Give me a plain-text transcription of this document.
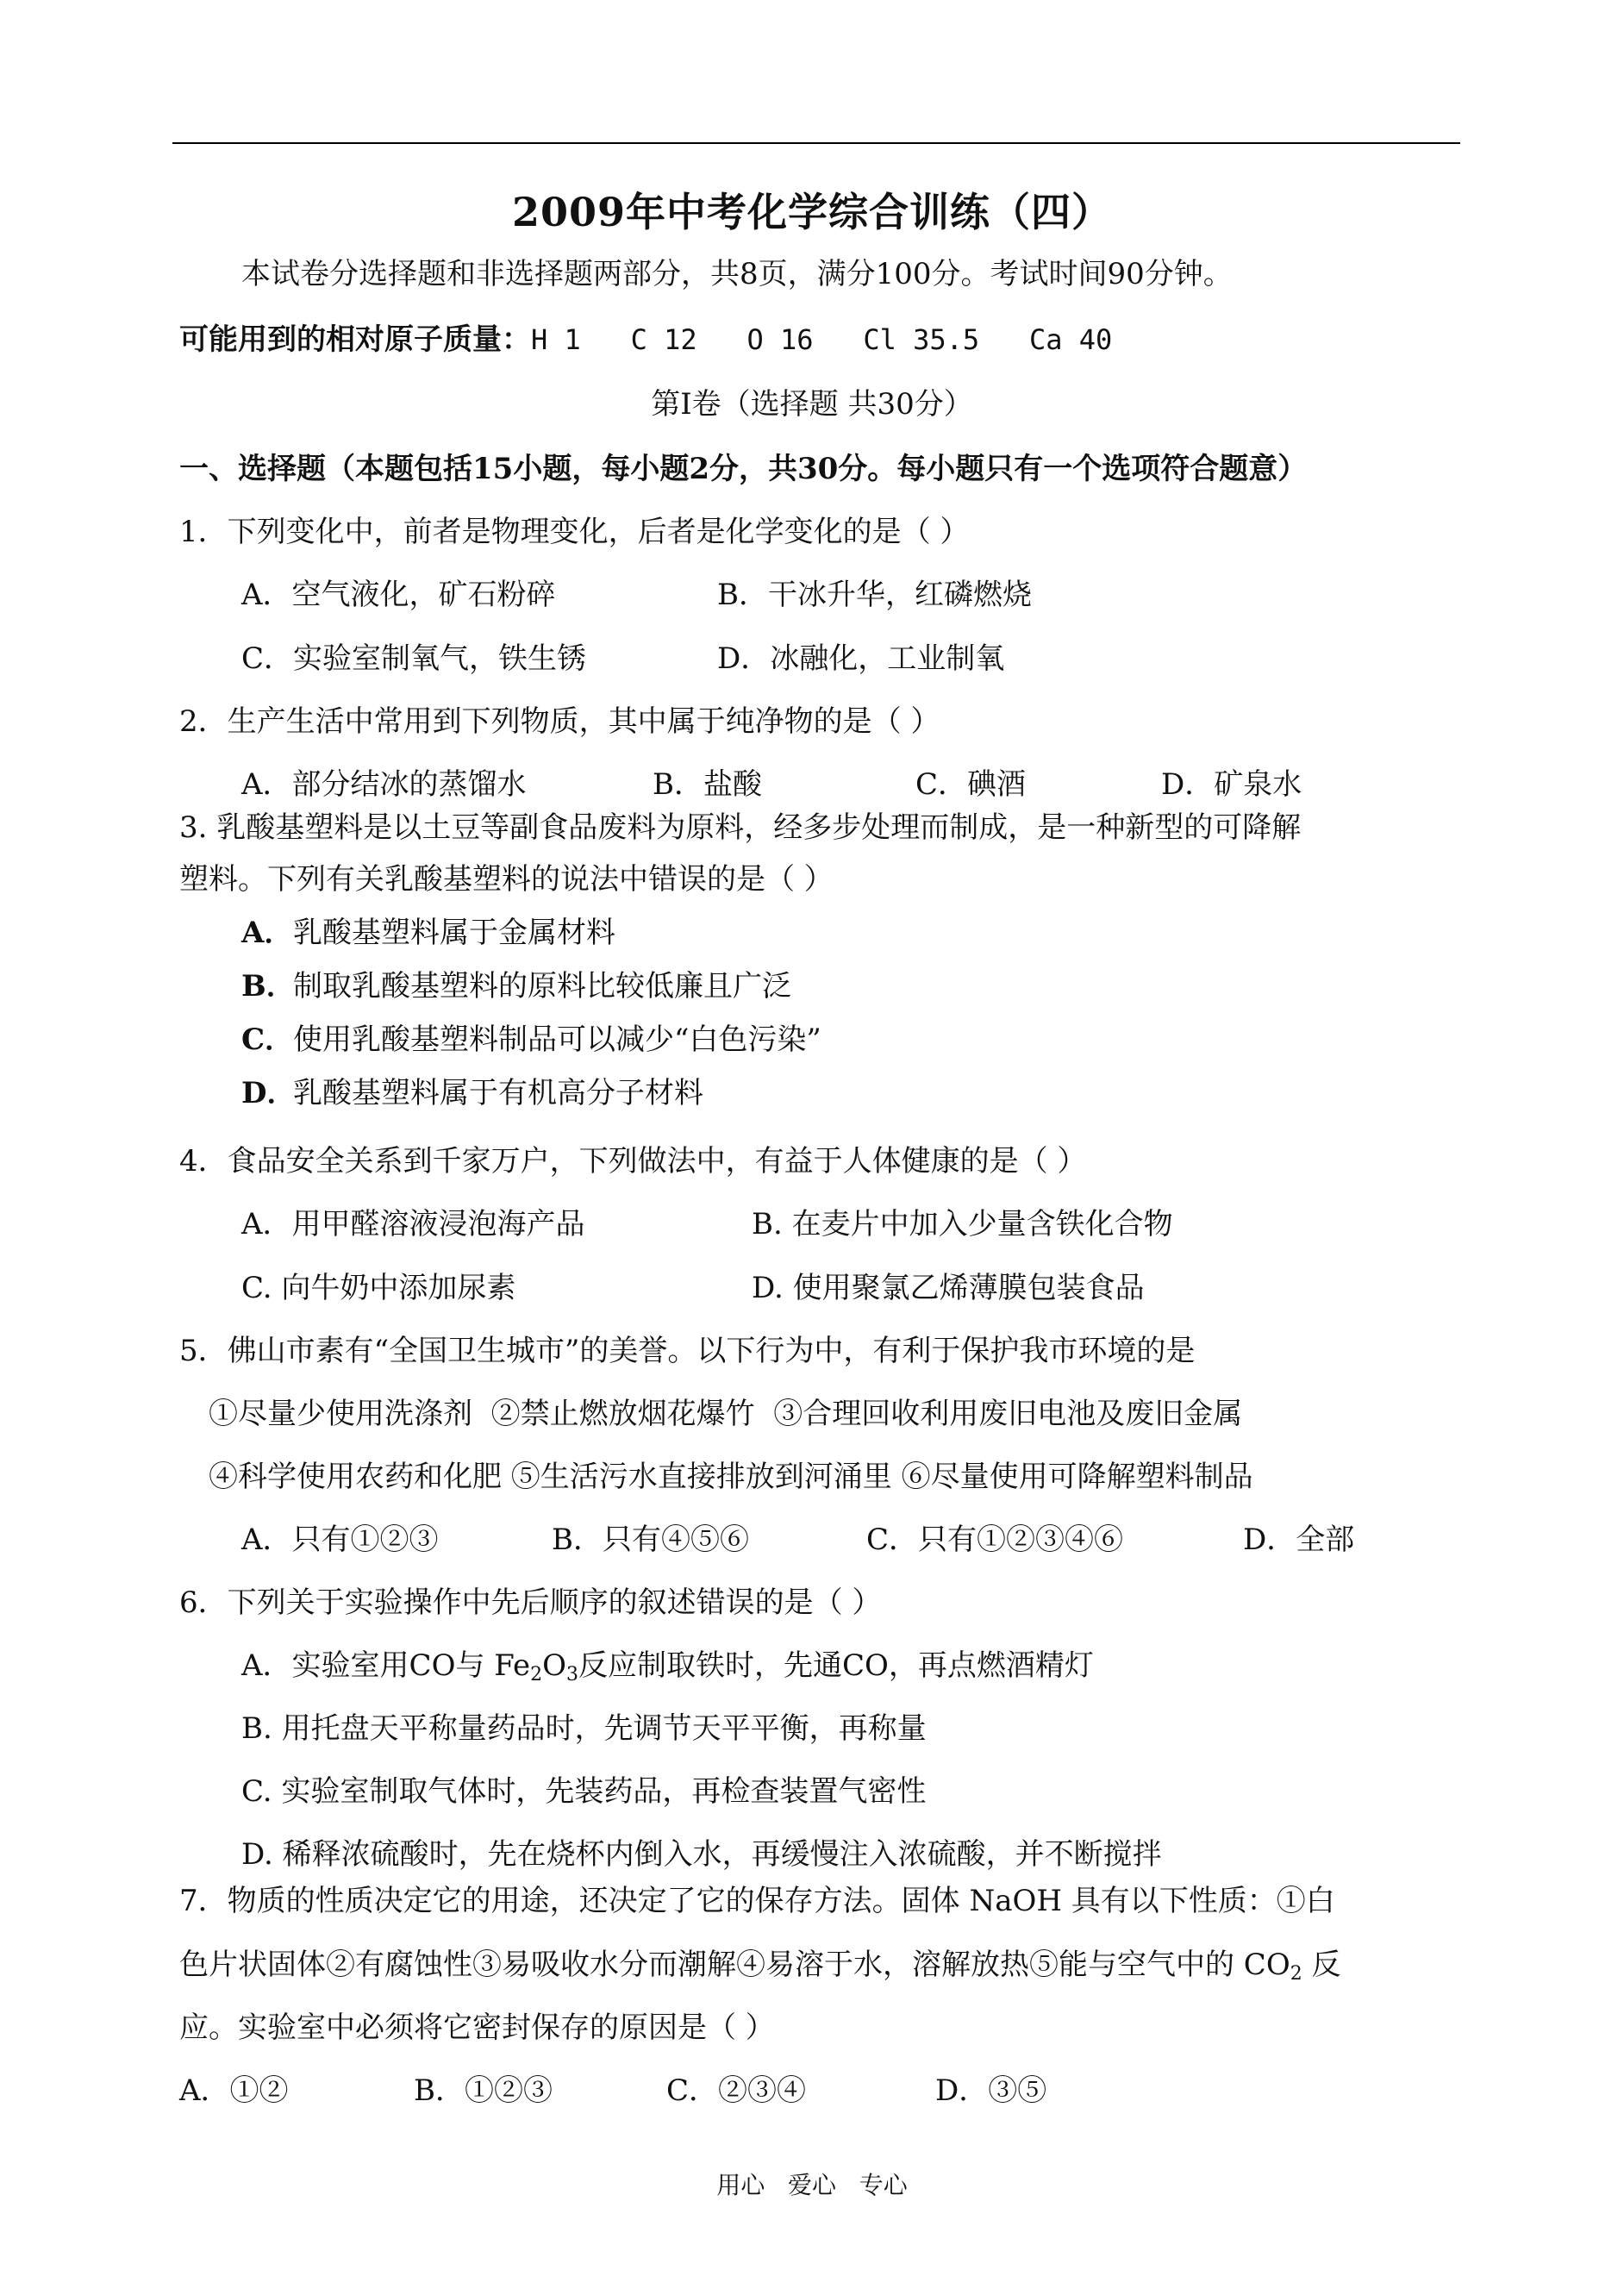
2009年中考化学综合训练（四）
本试卷分选择题和非选择题两部分，共8页，满分100分。考试时间90分钟。
可能用到的相对原子质量：H 1   C 12   O 16   Cl 35.5   Ca 40
第Ⅰ卷（选择题 共30分）
一、选择题（本题包括15小题，每小题2分，共30分。每小题只有一个选项符合题意）
1．下列变化中，前者是物理变化，后者是化学变化的是（ ）
A．空气液化，矿石粉碎	B．干冰升华，红磷燃烧
C．实验室制氧气，铁生锈	D．冰融化，工业制氧
2．生产生活中常用到下列物质，其中属于纯净物的是（ ）
A．部分结冰的蒸馏水	B．盐酸	C．碘酒	D．矿泉水
3. 乳酸基塑料是以土豆等副食品废料为原料，经多步处理而制成，是一种新型的可降解
塑料。下列有关乳酸基塑料的说法中错误的是（ ）
A．乳酸基塑料属于金属材料
B．制取乳酸基塑料的原料比较低廉且广泛
C．使用乳酸基塑料制品可以减少“白色污染”
D．乳酸基塑料属于有机高分子材料
4．食品安全关系到千家万户，下列做法中，有益于人体健康的是（ ）
A．用甲醛溶液浸泡海产品	B. 在麦片中加入少量含铁化合物
C. 向牛奶中添加尿素	D. 使用聚氯乙烯薄膜包装食品
5．佛山市素有“全国卫生城市”的美誉。以下行为中，有利于保护我市环境的是
①尽量少使用洗涤剂  ②禁止燃放烟花爆竹  ③合理回收利用废旧电池及废旧金属
④科学使用农药和化肥 ⑤生活污水直接排放到河涌里 ⑥尽量使用可降解塑料制品
A．只有①②③	B．只有④⑤⑥	C．只有①②③④⑥	D．全部
6．下列关于实验操作中先后顺序的叙述错误的是（ ）
A．实验室用CO与 $Fe_2O_3$反应制取铁时，先通CO，再点燃酒精灯
B. 用托盘天平称量药品时，先调节天平平衡，再称量
C. 实验室制取气体时，先装药品，再检查装置气密性
D. 稀释浓硫酸时，先在烧杯内倒入水，再缓慢注入浓硫酸，并不断搅拌
7．物质的性质决定它的用途，还决定了它的保存方法。固体 NaOH 具有以下性质：①白
色片状固体②有腐蚀性③易吸收水分而潮解④易溶于水，溶解放热⑤能与空气中的 $CO_2$ 反
应。实验室中必须将它密封保存的原因是（ ）
A．①②	B．①②③	C．②③④	D．③⑤
用心   爱心   专心
